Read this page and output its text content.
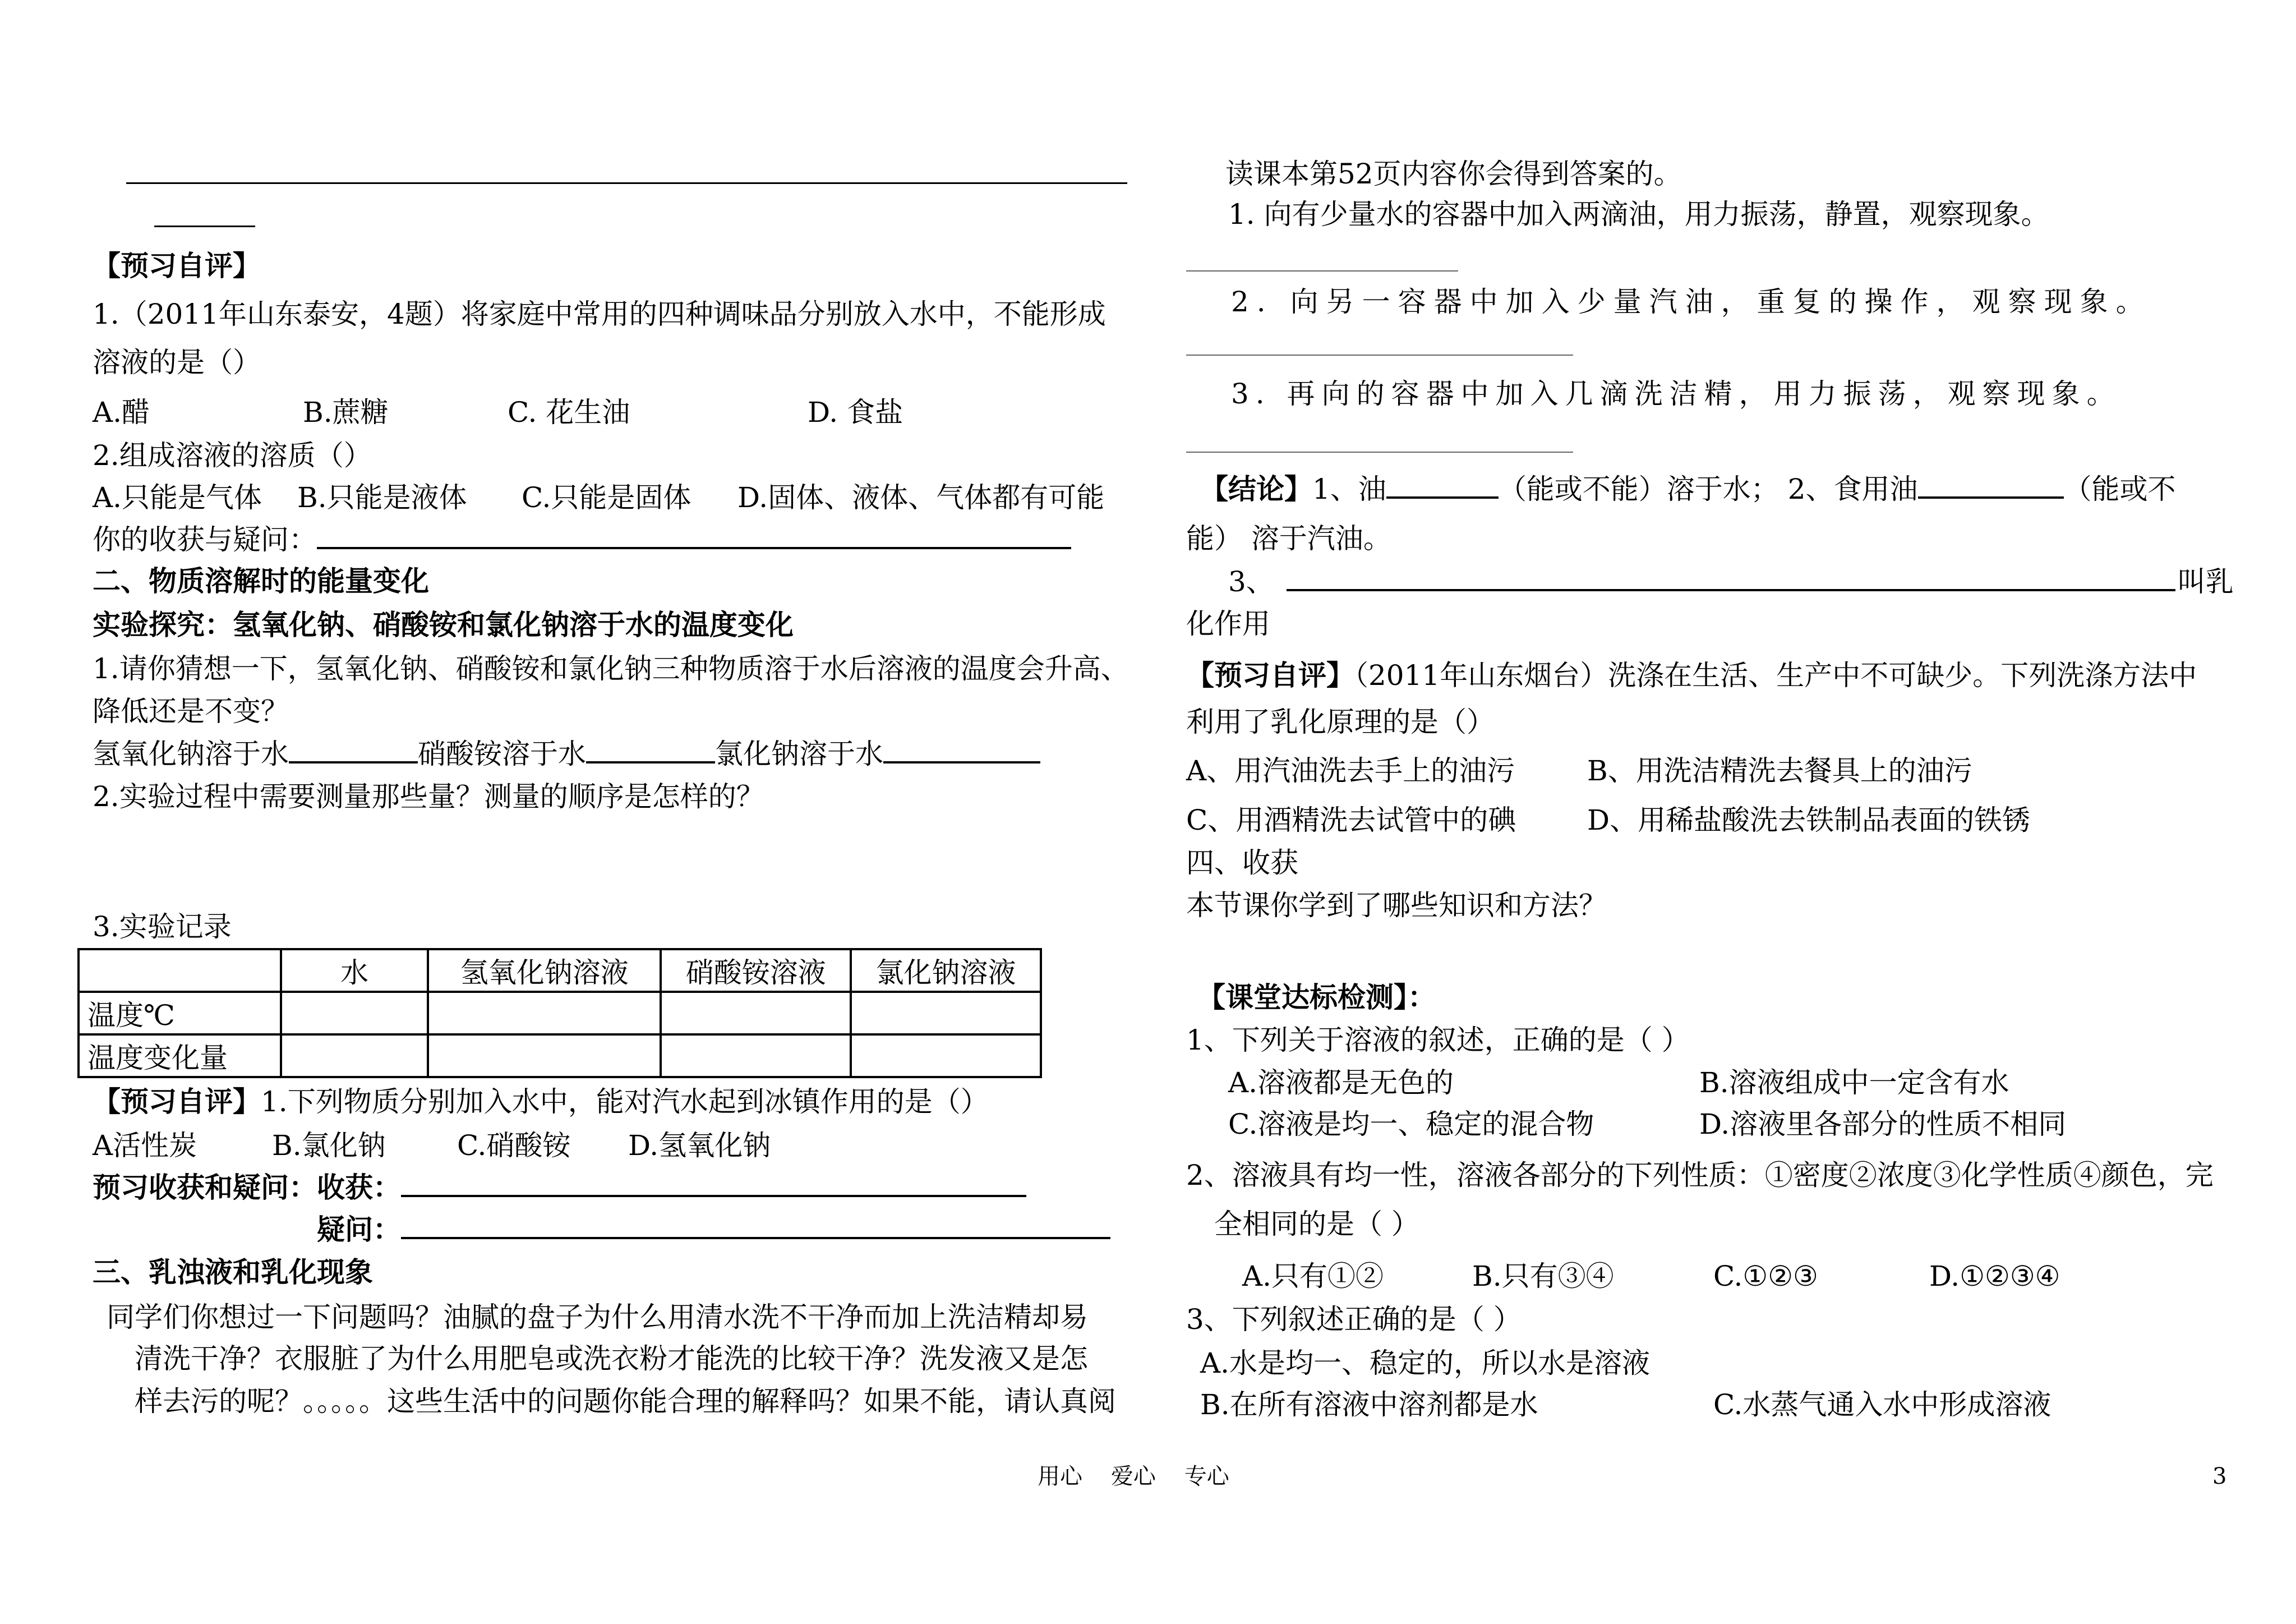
【预习自评】
1.（2011年山东泰安，4题）将家庭中常用的四种调味品分别放入水中，不能形成
溶液的是（）
A.醋	B.蔗糖	C. 花生油	D. 食盐
2.组成溶液的溶质（）
A.只能是气体 B.只能是液体 C.只能是固体 D.固体、液体、气体都有可能
你的收获与疑问：
二、物质溶解时的能量变化
实验探究：氢氧化钠、硝酸铵和氯化钠溶于水的温度变化
1.请你猜想一下，氢氧化钠、硝酸铵和氯化钠三种物质溶于水后溶液的温度会升高、
降低还是不变？
氢氧化钠溶于水	硝酸铵溶于水	氯化钠溶于水
2.实验过程中需要测量那些量？测量的顺序是怎样的？
3.实验记录
	水	氢氧化钠溶液	硝酸铵溶液	氯化钠溶液
温度℃				
温度变化量				
【预习自评】1.下列物质分别加入水中，能对汽水起到冰镇作用的是（）
A活性炭	B.氯化钠	C.硝酸铵 D.氢氧化钠
预习收获和疑问：收获：
疑问：
三、乳浊液和乳化现象
同学们你想过一下问题吗？油腻的盘子为什么用清水洗不干净而加上洗洁精却易
清洗干净？衣服脏了为什么用肥皂或洗衣粉才能洗的比较干净？洗发液又是怎
样去污的呢？。。。。。这些生活中的问题你能合理的解释吗？如果不能，请认真阅
读课本第52页内容你会得到答案的。
1. 向有少量水的容器中加入两滴油，用力振荡，静置，观察现象。
2. 向另一容器中加入少量汽油，重复的操作，观察现象。
3. 再向的容器中加入几滴洗洁精，用力振荡，观察现象。
【结论】1、油	（能或不能）溶于水； 2、食用油	（能或不
能） 溶于汽油。
3、	叫乳
化作用
【预习自评】（2011年山东烟台）洗涤在生活、生产中不可缺少。下列洗涤方法中
利用了乳化原理的是（）
A、用汽油洗去手上的油污	B、用洗洁精洗去餐具上的油污
C、用酒精洗去试管中的碘	D、用稀盐酸洗去铁制品表面的铁锈
四、收获
本节课你学到了哪些知识和方法？
【课堂达标检测】：
1、下列关于溶液的叙述，正确的是（ ）
A.溶液都是无色的	B.溶液组成中一定含有水
C.溶液是均一、稳定的混合物	D.溶液里各部分的性质不相同
2、溶液具有均一性，溶液各部分的下列性质：①密度②浓度③化学性质④颜色，完
全相同的是（ ）
A.只有①②	B.只有③④	C.①②③	D.①②③④
3、下列叙述正确的是（ ）
A.水是均一、稳定的，所以水是溶液
B.在所有溶液中溶剂都是水	C.水蒸气通入水中形成溶液
用心    爱心    专心	3
